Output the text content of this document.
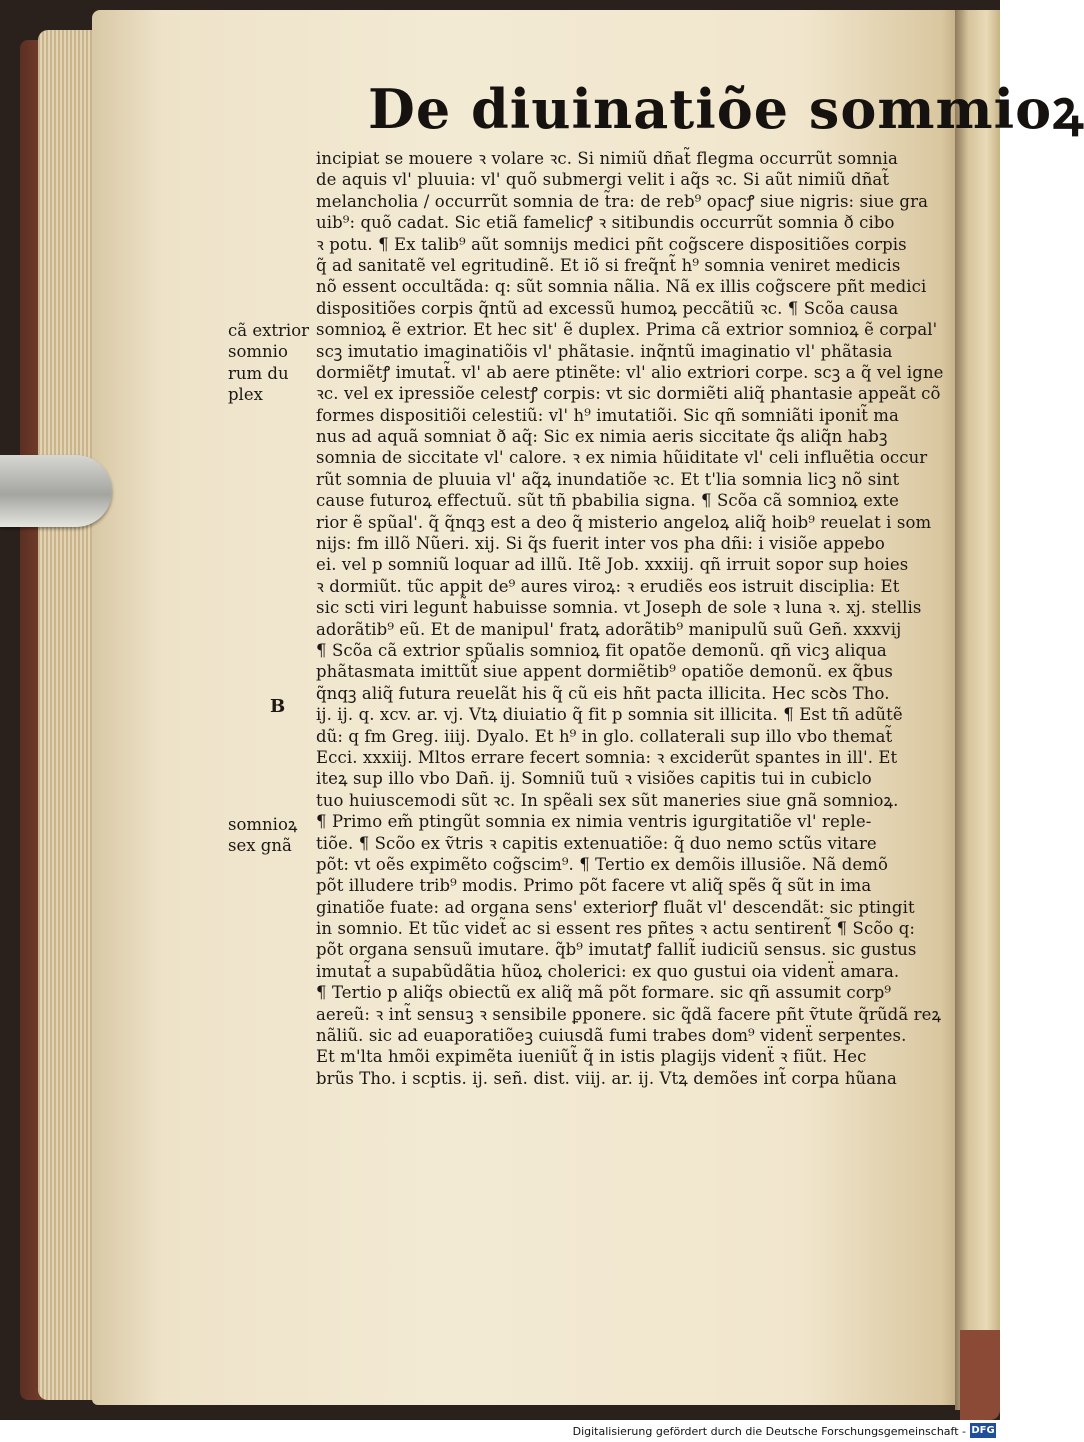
De diuinatiõe sommioꝝ
cã extrior
somnio
rum du
plex
B
somnioꝝ
sex gnã
incipiat se mouere ꝛ volare ꝛc. Si nimiũ dñat̃ flegma occurrũt somnia
de aquis vl' pluuia: vl' quõ submergi velit i aq̃s ꝛc. Si aũt nimiũ dñat̃
melancholia / occurrũt somnia de t̃ra: de reb⁹ opacꝭ siue nigris: siue gra
uib⁹: quõ cadat. Sic etiã famelicꝭ ꝛ sitibundis occurrũt somnia ð cibo
ꝛ potu. ¶ Ex talib⁹ aũt somnijs medici pñt cog̃scere dispositiões corpis
q̃ ad sanitatẽ vel egritudinẽ. Et iõ si freq̃nt̃ h⁹ somnia veniret medicis
nõ essent occultãda: q: sũt somnia nãlia. Nã ex illis cog̃scere pñt medici
dispositiões corpis q̃ntũ ad excessũ humoꝝ peccãtiũ ꝛc. ¶ Scõa causa
somnioꝝ ẽ extrior. Et hec sit' ẽ duplex. Prima cã extrior somnioꝝ ẽ corpal'
scꝫ imutatio imaginatiõis vl' phãtasie. inq̃ntũ imaginatio vl' phãtasia
dormiẽtꝭ imutat̃. vl' ab aere ptinẽte: vl' alio extriori corpe. scꝫ a q̃ vel igne
ꝛc. vel ex ipressiõe celestꝭ corpis: vt sic dormiẽti aliq̃ phantasie appeãt cõ
formes dispositiõi celestiũ: vl' h⁹ imutatiõi. Sic qñ somniãti iponit̃ ma
nus ad aquã somniat ð aq̃: Sic ex nimia aeris siccitate q̃s aliq̃n habꝫ
somnia de siccitate vl' calore. ꝛ ex nimia hũiditate vl' celi influẽtia occur
rũt somnia de pluuia vl' aq̃ꝝ inundatiõe ꝛc. Et t'lia somnia licꝫ nõ sint
cause futuroꝝ effectuũ. sũt tñ pbabilia signa. ¶ Scõa cã somnioꝝ exte
rior ẽ spũal'. q̃ q̃nqꝫ est a deo q̃ misterio angeloꝝ aliq̃ hoib⁹ reuelat i som
nijs: fm illõ Nũeri. xij. Si q̃s fuerit inter vos pha dñi: i visiõe appebo
ei. vel p somniũ loquar ad illũ. Itẽ Job. xxxiij. qñ irruit sopor sup hoies
ꝛ dormiũt. tũc appit de⁹ aures viroꝝ: ꝛ erudiẽs eos istruit disciplia: Et
sic scti viri legunt̃ habuisse somnia. vt Joseph de sole ꝛ luna ꝛ. xj. stellis
adorãtib⁹ eũ. Et de manipul' fratꝝ adorãtib⁹ manipulũ suũ Geñ. xxxvij
¶ Scõa cã extrior spũalis somnioꝝ fit opatõe demonũ. qñ vicꝫ aliqua
phãtasmata imittũt̃ siue appent dormiẽtib⁹ opatiõe demonũ. ex q̃bus
q̃nqꝫ aliq̃ futura reuelãt his q̃ cũ eis hñt pacta illicita. Hec scꝺs Tho.
ij. ij. q. xcv. ar. vj. Vtꝝ diuiatio q̃ fit p somnia sit illicita. ¶ Est tñ adũtẽ
dũ: q fm Greg. iiij. Dyalo. Et h⁹ in glo. collaterali sup illo vbo themat̃
Ecci. xxxiij. Mltos errare fecert somnia: ꝛ exciderũt spantes in ill'. Et
iteꝝ sup illo vbo Dañ. ij. Somniũ tuũ ꝛ visiões capitis tui in cubiclo
tuo huiuscemodi sũt ꝛc. In spẽali sex sũt maneries siue gnã somnioꝝ.
¶ Primo em̃ ptingũt somnia ex nimia ventris igurgitatiõe vl' reple-
tiõe. ¶ Scõo ex ṽtris ꝛ capitis extenuatiõe: q̃ duo nemo sctũs vitare
põt: vt oẽs expimẽto cog̃scim⁹. ¶ Tertio ex demõis illusiõe. Nã demõ
põt illudere trib⁹ modis. Primo põt facere vt aliq̃ spẽs q̃ sũt in ima
ginatiõe fuate: ad organa sens' exteriorꝭ fluãt vl' descendãt: sic ptingit
in somnio. Et tũc videt̃ ac si essent res pñtes ꝛ actu sentirent̃ ¶ Scõo q:
põt organa sensuũ imutare. q̃b⁹ imutatꝭ fallit̃ iudiciũ sensus. sic gustus
imutat̃ a supabũdãtia hũoꝝ cholerici: ex quo gustui oia videnẗ amara.
¶ Tertio p aliq̃s obiectũ ex aliq̃ mã põt formare. sic qñ assumit corp⁹
aereũ: ꝛ int̃ sensuꝫ ꝛ sensibile ꝑponere. sic q̃dã facere pñt ṽtute q̃rũdã reꝝ
nãliũ. sic ad euaporatiõeꝫ cuiusdã fumi trabes dom⁹ videnẗ serpentes.
Et m'lta hmõi expimẽta iueniũt̃ q̃ in istis plagijs videnẗ ꝛ fiũt. Hec
brũs Tho. i scptis. ij. señ. dist. viij. ar. ij. Vtꝝ demões int̃ corpa hũana
Digitalisierung gefördert durch die Deutsche Forschungsgemeinschaft - DFG
